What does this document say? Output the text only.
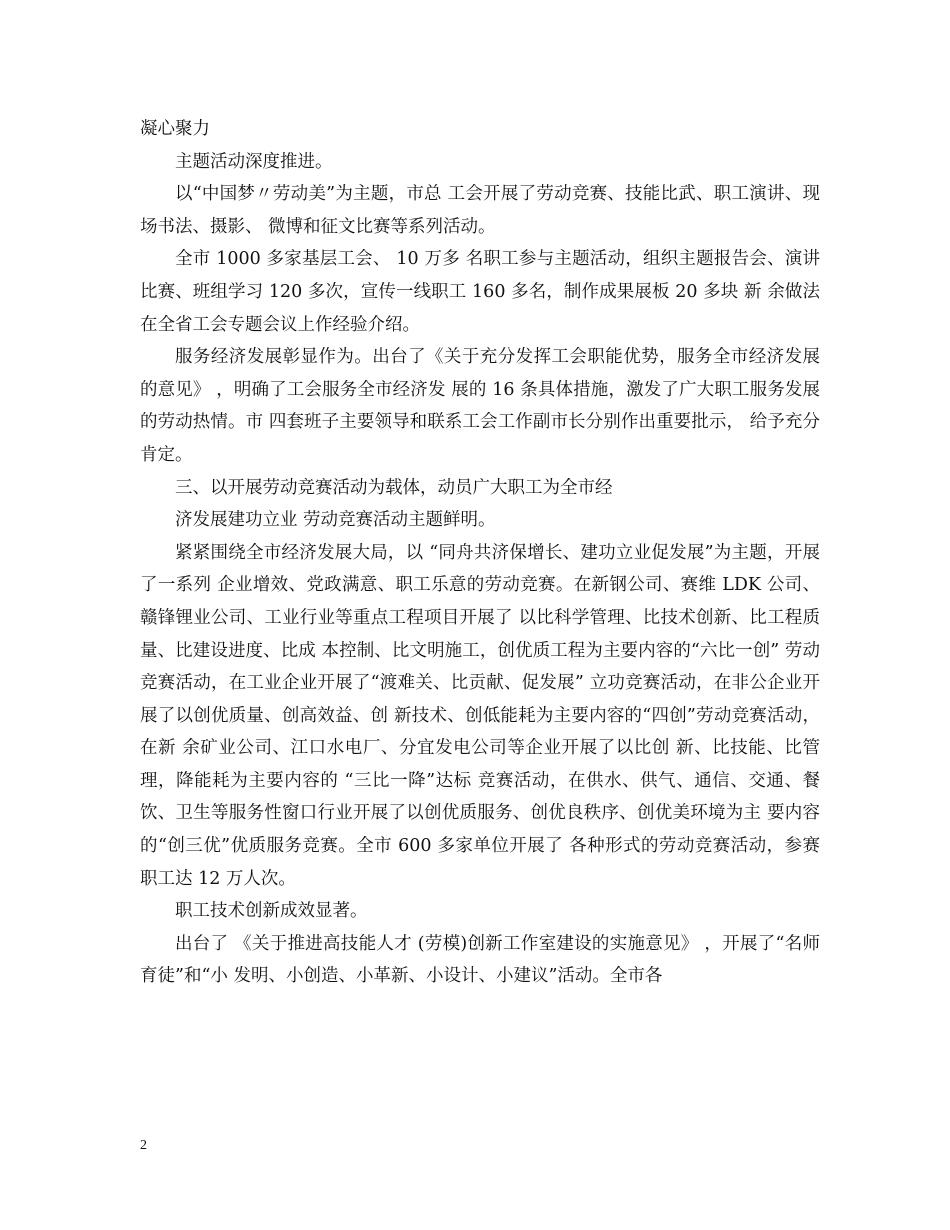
凝心聚力

主题活动深度推进。

以“中国梦〃劳动美”为主题，市总 工会开展了劳动竞赛、技能比武、职工演讲、现场书法、摄影、 微博和征文比赛等系列活动。

全市 1000 多家基层工会、 10 万多 名职工参与主题活动，组织主题报告会、演讲比赛、班组学习 120 多次，宣传一线职工 160 多名，制作成果展板 20 多块 新 余做法在全省工会专题会议上作经验介绍。

服务经济发展彰显作为。出台了《关于充分发挥工会职能优势，服务全市经济发展的意见》 ，明确了工会服务全市经济发 展的 16 条具体措施，激发了广大职工服务发展的劳动热情。市 四套班子主要领导和联系工会工作副市长分别作出重要批示， 给予充分肯定。

三、以开展劳动竞赛活动为载体，动员广大职工为全市经

济发展建功立业 劳动竞赛活动主题鲜明。

紧紧围绕全市经济发展大局，以 “同舟共济保增长、建功立业促发展”为主题，开展了一系列 企业增效、党政满意、职工乐意的劳动竞赛。在新钢公司、赛维 LDK 公司、赣锋锂业公司、工业行业等重点工程项目开展了 以比科学管理、比技术创新、比工程质量、比建设进度、比成 本控制、比文明施工，创优质工程为主要内容的“六比一创” 劳动竞赛活动，在工业企业开展了“渡难关、比贡献、促发展” 立功竞赛活动，在非公企业开展了以创优质量、创高效益、创 新技术、创低能耗为主要内容的“四创”劳动竞赛活动，在新 余矿业公司、江口水电厂、分宜发电公司等企业开展了以比创 新、比技能、比管理，降能耗为主要内容的 “三比一降”达标 竞赛活动，在供水、供气、通信、交通、餐饮、卫生等服务性窗口行业开展了以创优质服务、创优良秩序、创优美环境为主 要内容的“创三优”优质服务竞赛。全市 600 多家单位开展了 各种形式的劳动竞赛活动，参赛职工达 12 万人次。

职工技术创新成效显著。

出台了 《关于推进高技能人才 (劳模)创新工作室建设的实施意见》 ，开展了“名师育徒”和“小 发明、小创造、小革新、小设计、小建议”活动。全市各

2
